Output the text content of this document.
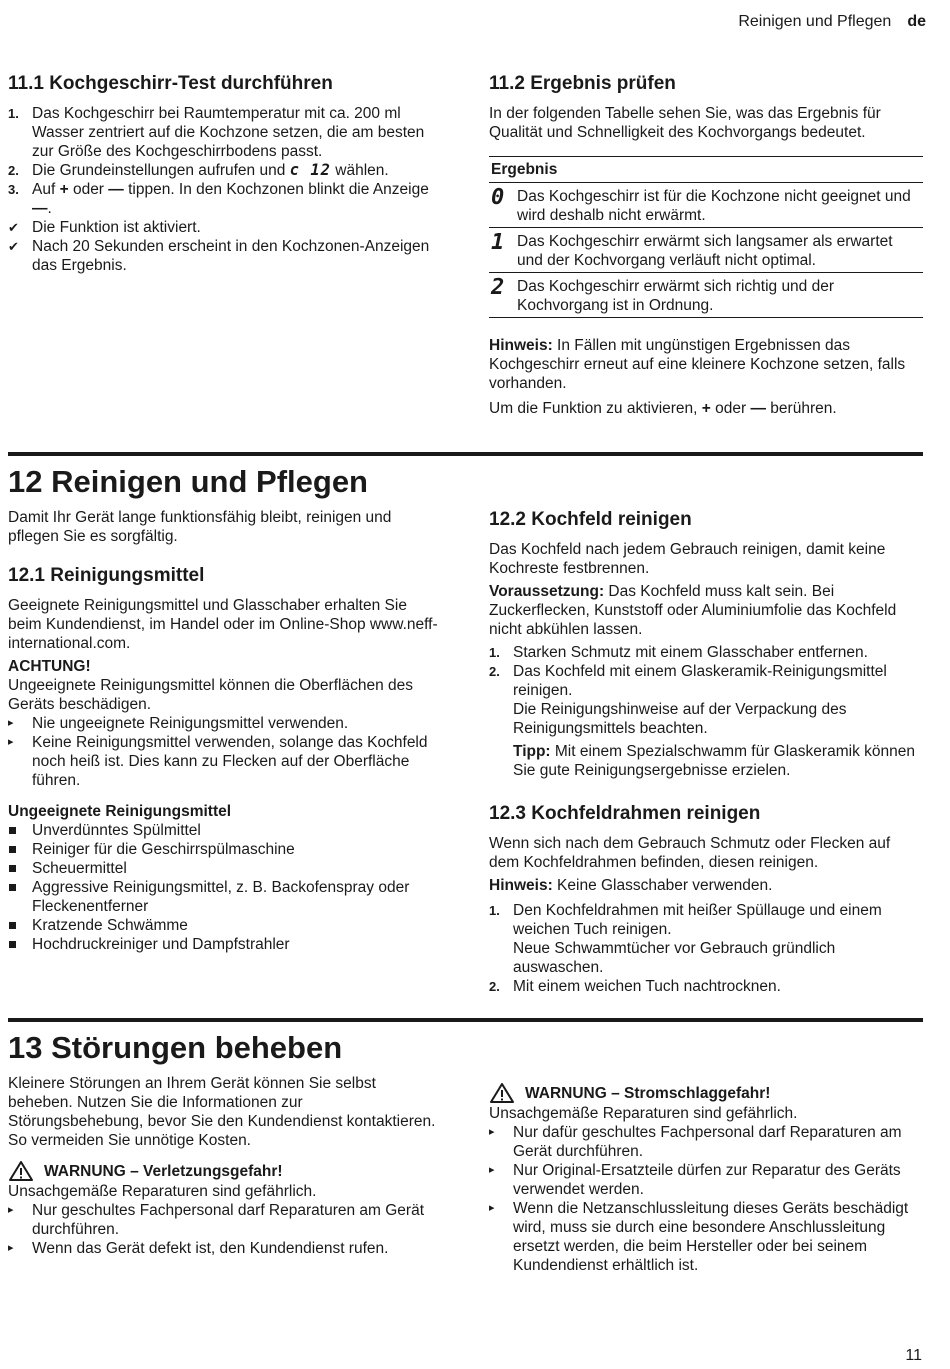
Reinigen und Pflegen de
11.1 Kochgeschirr-Test durchführen
1. Das Kochgeschirr bei Raumtemperatur mit ca. 200 ml Wasser zentriert auf die Kochzone setzen, die am besten zur Größe des Kochgeschirrbodens passt.
2. Die Grundeinstellungen aufrufen und c 12 wählen.
3. Auf + oder — tippen. In den Kochzonen blinkt die Anzeige —.
✔ Die Funktion ist aktiviert.
✔ Nach 20 Sekunden erscheint in den Kochzonen-Anzeigen das Ergebnis.
11.2 Ergebnis prüfen

In der folgenden Tabelle sehen Sie, was das Ergebnis für Qualität und Schnelligkeit des Kochvorgangs bedeutet.

Ergebnis	
0	Das Kochgeschirr ist für die Kochzone nicht geeignet und wird deshalb nicht erwärmt.
1	Das Kochgeschirr erwärmt sich langsamer als erwartet und der Kochvorgang verläuft nicht optimal.
2	Das Kochgeschirr erwärmt sich richtig und der Kochvorgang ist in Ordnung.

Hinweis: In Fällen mit ungünstigen Ergebnissen das Kochgeschirr erneut auf eine kleinere Kochzone setzen, falls vorhanden.

Um die Funktion zu aktivieren, + oder — berühren.

12 Reinigen und Pflegen

Damit Ihr Gerät lange funktionsfähig bleibt, reinigen und pflegen Sie es sorgfältig.

12.1 Reinigungsmittel

Geeignete Reinigungsmittel und Glasschaber erhalten Sie beim Kundendienst, im Handel oder im Online-Shop www.neff-international.com.

ACHTUNG!
Ungeeignete Reinigungsmittel können die Oberflächen des Geräts beschädigen.
▸ Nie ungeeignete Reinigungsmittel verwenden.
▸ Keine Reinigungsmittel verwenden, solange das Kochfeld noch heiß ist. Dies kann zu Flecken auf der Oberfläche führen.
Ungeeignete Reinigungsmittel
Unverdünntes Spülmittel
Reiniger für die Geschirrspülmaschine
Scheuermittel
Aggressive Reinigungsmittel, z. B. Backofenspray oder Fleckenentferner
Kratzende Schwämme
Hochdruckreiniger und Dampfstrahler
12.2 Kochfeld reinigen

Das Kochfeld nach jedem Gebrauch reinigen, damit keine Kochreste festbrennen.

Voraussetzung: Das Kochfeld muss kalt sein. Bei Zuckerflecken, Kunststoff oder Aluminiumfolie das Kochfeld nicht abkühlen lassen.

1. Starken Schmutz mit einem Glasschaber entfernen.
2. Das Kochfeld mit einem Glaskeramik-Reinigungsmittel reinigen.
Die Reinigungshinweise auf der Verpackung des Reinigungsmittels beachten.
Tipp: Mit einem Spezialschwamm für Glaskeramik können Sie gute Reinigungsergebnisse erzielen.
12.3 Kochfeldrahmen reinigen

Wenn sich nach dem Gebrauch Schmutz oder Flecken auf dem Kochfeldrahmen befinden, diesen reinigen.

Hinweis: Keine Glasschaber verwenden.

1. Den Kochfeldrahmen mit heißer Spüllauge und einem weichen Tuch reinigen.
Neue Schwammtücher vor Gebrauch gründlich auswaschen.
2. Mit einem weichen Tuch nachtrocknen.
13 Störungen beheben

Kleinere Störungen an Ihrem Gerät können Sie selbst beheben. Nutzen Sie die Informationen zur Störungsbehebung, bevor Sie den Kundendienst kontaktieren. So vermeiden Sie unnötige Kosten.

WARNUNG – Verletzungsgefahr!
Unsachgemäße Reparaturen sind gefährlich.
▸ Nur geschultes Fachpersonal darf Reparaturen am Gerät durchführen.
▸ Wenn das Gerät defekt ist, den Kundendienst rufen.
WARNUNG – Stromschlaggefahr!
Unsachgemäße Reparaturen sind gefährlich.
▸ Nur dafür geschultes Fachpersonal darf Reparaturen am Gerät durchführen.
▸ Nur Original-Ersatzteile dürfen zur Reparatur des Geräts verwendet werden.
▸ Wenn die Netzanschlussleitung dieses Geräts beschädigt wird, muss sie durch eine besondere Anschlussleitung ersetzt werden, die beim Hersteller oder bei seinem Kundendienst erhältlich ist.
11
